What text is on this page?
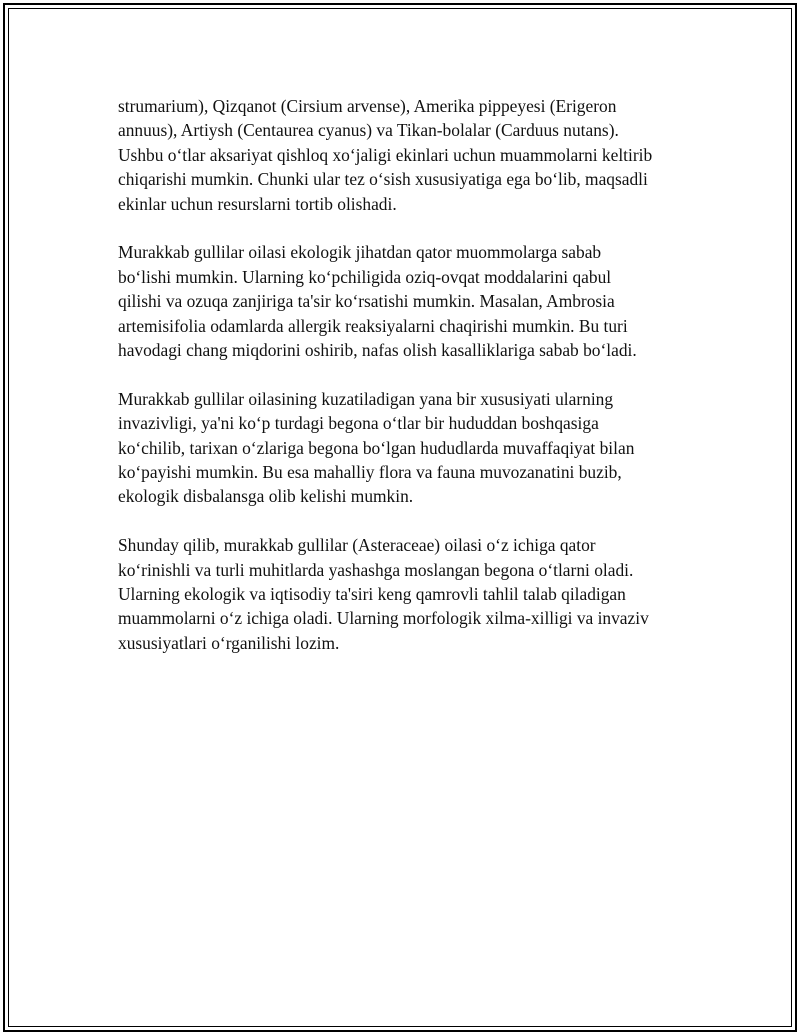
strumarium), Qizqanot (Cirsium arvense), Amerika pippeyesi (Erigeron
annuus), Artiysh (Centaurea cyanus) va Tikan-bolalar (Carduus nutans).
Ushbu o‘tlar aksariyat qishloq xo‘jaligi ekinlari uchun muammolarni keltirib
chiqarishi mumkin. Chunki ular tez o‘sish xususiyatiga ega bo‘lib, maqsadli
ekinlar uchun resurslarni tortib olishadi.

Murakkab gullilar oilasi ekologik jihatdan qator muommolarga sabab
bo‘lishi mumkin. Ularning ko‘pchiligida oziq-ovqat moddalarini qabul
qilishi va ozuqa zanjiriga ta'sir ko‘rsatishi mumkin. Masalan, Ambrosia
artemisifolia odamlarda allergik reaksiyalarni chaqirishi mumkin. Bu turi
havodagi chang miqdorini oshirib, nafas olish kasalliklariga sabab bo‘ladi.

Murakkab gullilar oilasining kuzatiladigan yana bir xususiyati ularning
invazivligi, ya'ni ko‘p turdagi begona o‘tlar bir hududdan boshqasiga
ko‘chilib, tarixan o‘zlariga begona bo‘lgan hududlarda muvaffaqiyat bilan
ko‘payishi mumkin. Bu esa mahalliy flora va fauna muvozanatini buzib,
ekologik disbalansga olib kelishi mumkin.

Shunday qilib, murakkab gullilar (Asteraceae) oilasi o‘z ichiga qator
ko‘rinishli va turli muhitlarda yashashga moslangan begona o‘tlarni oladi.
Ularning ekologik va iqtisodiy ta'siri keng qamrovli tahlil talab qiladigan
muammolarni o‘z ichiga oladi. Ularning morfologik xilma-xilligi va invaziv
xususiyatlari o‘rganilishi lozim.
